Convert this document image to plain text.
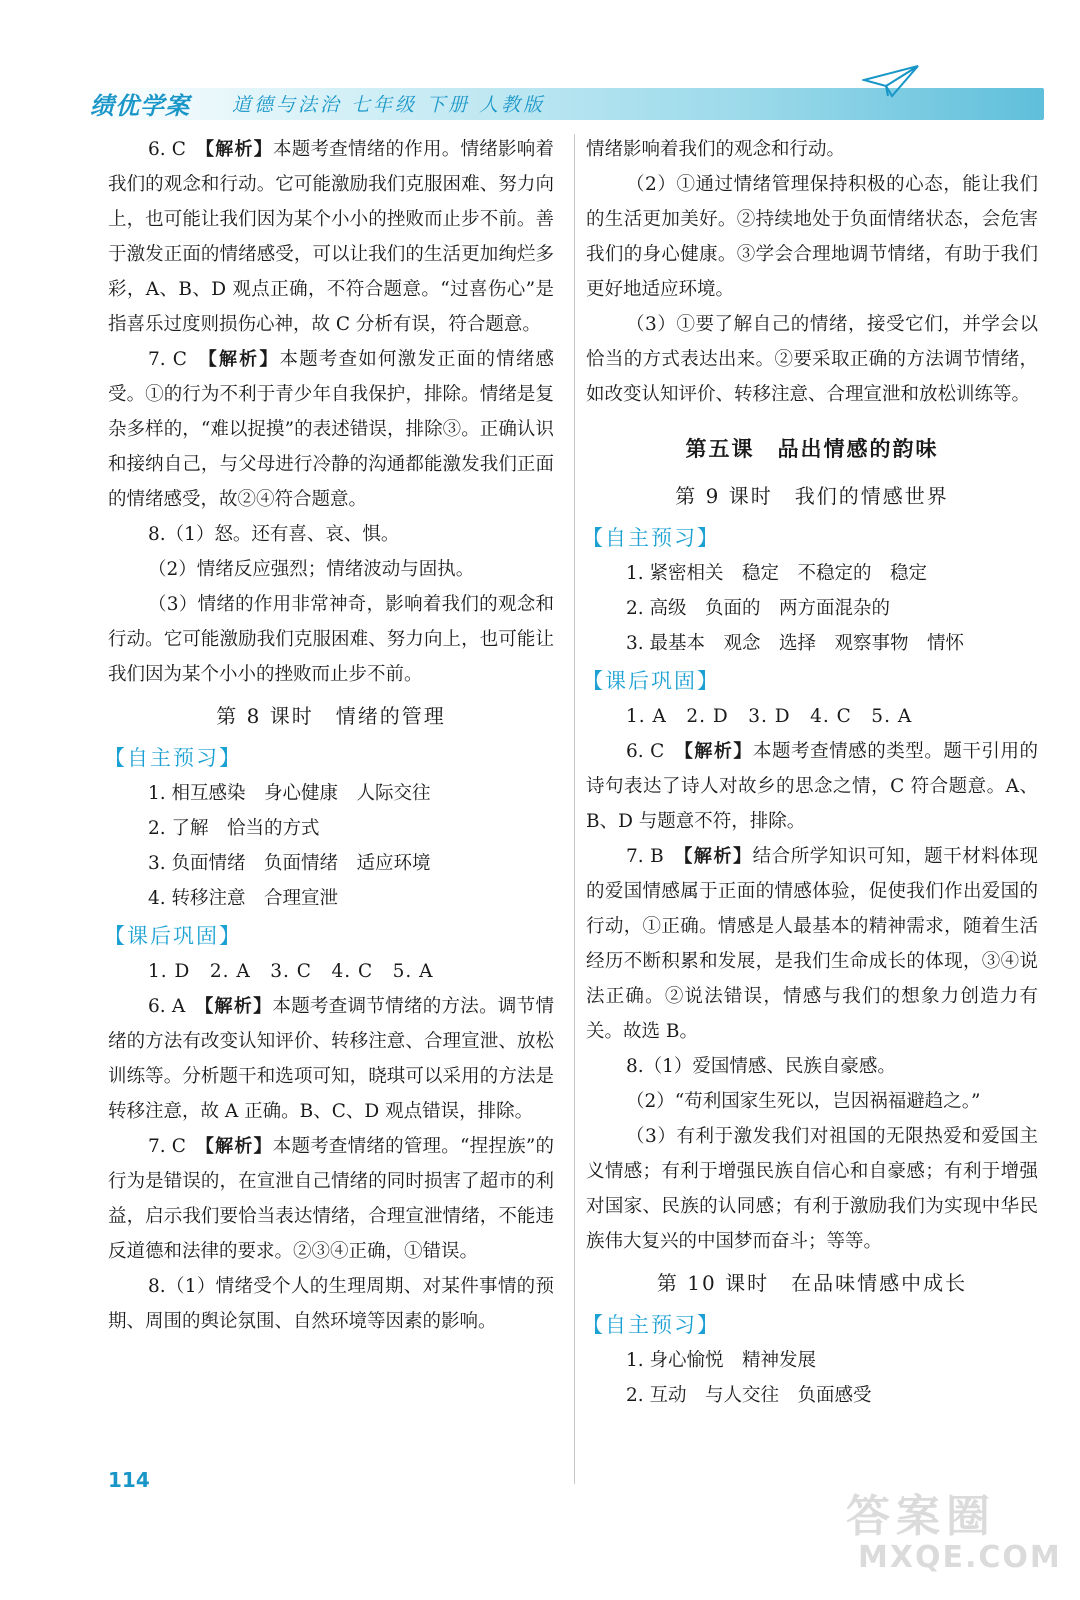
绩优学案 道德与法治 七年级 下册 人教版

6. C　 【解析】本题考查情绪的作用。情绪影响着我们的观念和行动。它可能激励我们克服困难、努力向上，也可能让我们因为某个小小的挫败而止步不前。善于激发正面的情绪感受，可以让我们的生活更加绚烂多彩，A、B、D 观点正确，不符合题意。“过喜伤心”是指喜乐过度则损伤心神，故 C 分析有误，符合题意。

7. C　 【解析】本题考查如何激发正面的情绪感受。①的行为不利于青少年自我保护，排除。情绪是复杂多样的，“难以捉摸”的表述错误，排除③。正确认识和接纳自己，与父母进行冷静的沟通都能激发我们正面的情绪感受，故②④符合题意。

8.（1）怒。还有喜、哀、惧。

（2）情绪反应强烈；情绪波动与固执。

（3）情绪的作用非常神奇，影响着我们的观念和行动。它可能激励我们克服困难、努力向上，也可能让我们因为某个小小的挫败而止步不前。

第 8 课时　情绪的管理
【自主预习】

1. 相互感染　身心健康　人际交往

2. 了解　恰当的方式

3. 负面情绪　负面情绪　适应环境

4. 转移注意　合理宣泄

【课后巩固】

1. D　2. A　3. C　4. C　5. A

6. A　 【解析】本题考查调节情绪的方法。调节情绪的方法有改变认知评价、转移注意、合理宣泄、放松训练等。分析题干和选项可知，晓琪可以采用的方法是转移注意，故 A 正确。B、C、D 观点错误，排除。

7. C　 【解析】本题考查情绪的管理。“捏捏族”的行为是错误的，在宣泄自己情绪的同时损害了超市的利益，启示我们要恰当表达情绪，合理宣泄情绪，不能违反道德和法律的要求。②③④正确，①错误。

8.（1）情绪受个人的生理周期、对某件事情的预期、周围的舆论氛围、自然环境等因素的影响。

情绪影响着我们的观念和行动。

（2）①通过情绪管理保持积极的心态，能让我们的生活更加美好。②持续地处于负面情绪状态，会危害我们的身心健康。③学会合理地调节情绪，有助于我们更好地适应环境。

（3）①要了解自己的情绪，接受它们，并学会以恰当的方式表达出来。②要采取正确的方法调节情绪，如改变认知评价、转移注意、合理宣泄和放松训练等。

第五课　品出情感的韵味
第 9 课时　我们的情感世界
【自主预习】

1. 紧密相关　稳定　不稳定的　稳定

2. 高级　负面的　两方面混杂的

3. 最基本　观念　选择　观察事物　情怀

【课后巩固】

1. A　2. D　3. D　4. C　5. A

6. C　 【解析】本题考查情感的类型。题干引用的诗句表达了诗人对故乡的思念之情，C 符合题意。A、B、D 与题意不符，排除。

7. B　 【解析】结合所学知识可知，题干材料体现的爱国情感属于正面的情感体验，促使我们作出爱国的行动，①正确。情感是人最基本的精神需求，随着生活经历不断积累和发展，是我们生命成长的体现，③④说法正确。②说法错误，情感与我们的想象力创造力有关。故选 B。

8.（1）爱国情感、民族自豪感。

（2）“苟利国家生死以，岂因祸福避趋之。”

（3）有利于激发我们对祖国的无限热爱和爱国主义情感；有利于增强民族自信心和自豪感；有利于增强对国家、民族的认同感；有利于激励我们为实现中华民族伟大复兴的中国梦而奋斗；等等。

第 10 课时　在品味情感中成长
【自主预习】

1. 身心愉悦　精神发展

2. 互动　与人交往　负面感受

114
答案圈
MXQE.COM
